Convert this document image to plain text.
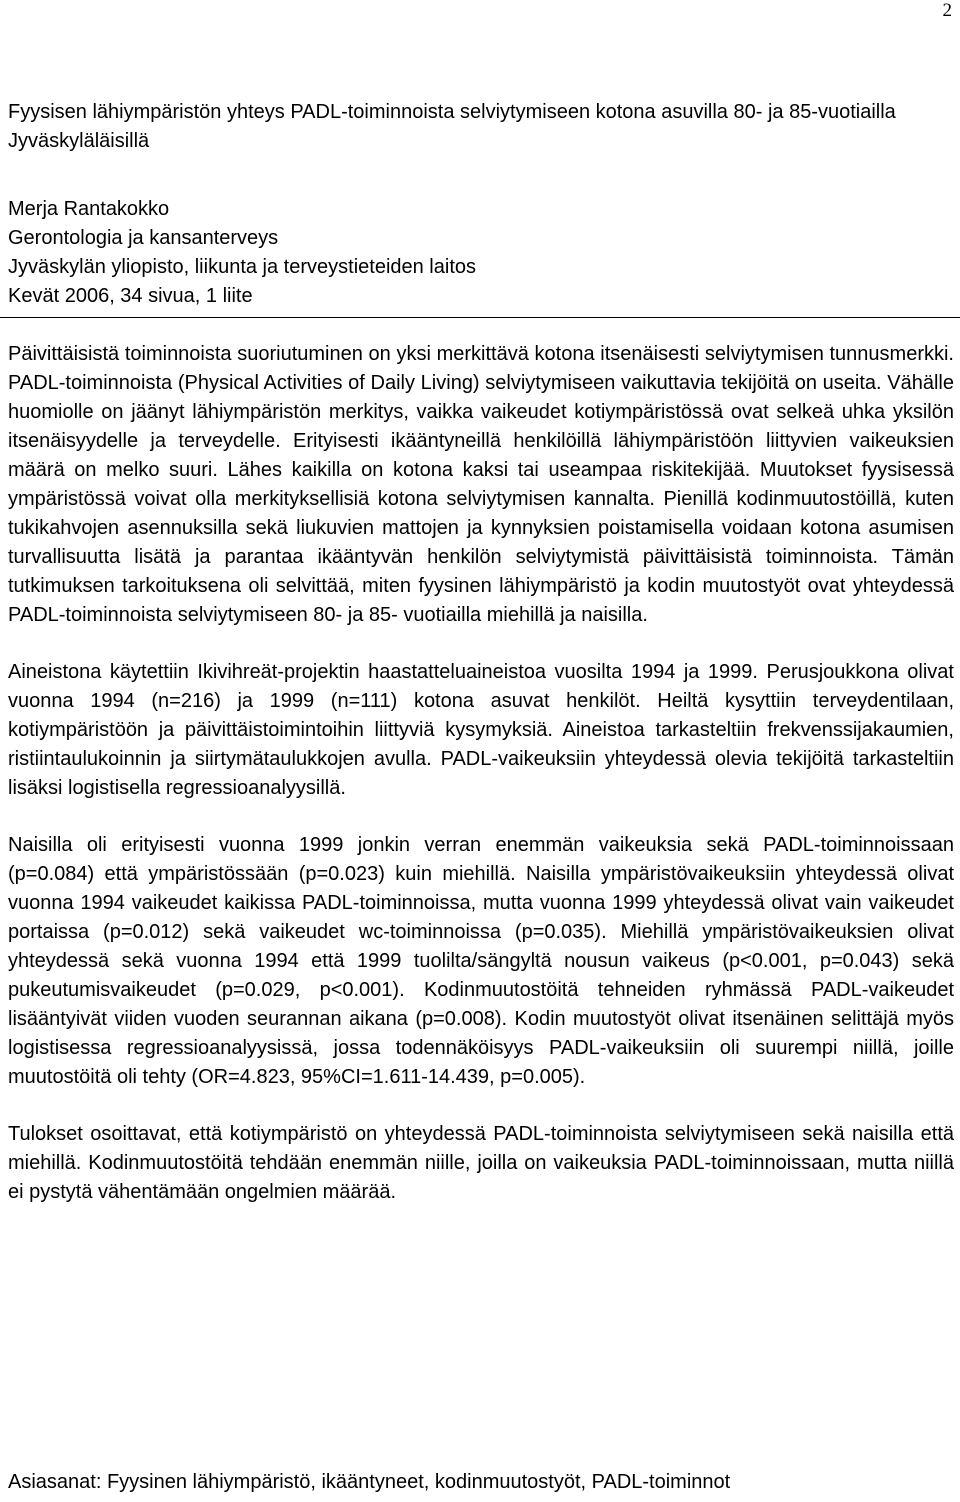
2
Fyysisen lähiympäristön yhteys PADL-toiminnoista selviytymiseen kotona asuvilla 80- ja 85-vuotiailla Jyväskyläläisillä
Merja Rantakokko
Gerontologia ja kansanterveys
Jyväskylän yliopisto, liikunta ja terveystieteiden laitos
Kevät 2006, 34 sivua, 1 liite

Päivittäisistä toiminnoista suoriutuminen on yksi merkittävä kotona itsenäisesti selviytymisen tunnusmerkki. PADL-toiminnoista (Physical Activities of Daily Living) selviytymiseen vaikuttavia tekijöitä on useita. Vähälle huomiolle on jäänyt lähiympäristön merkitys, vaikka vaikeudet kotiympäristössä ovat selkeä uhka yksilön itsenäisyydelle ja terveydelle. Erityisesti ikääntyneillä henkilöillä lähiympäristöön liittyvien vaikeuksien määrä on melko suuri. Lähes kaikilla on kotona kaksi tai useampaa riskitekijää. Muutokset fyysisessä ympäristössä voivat olla merkityksellisiä kotona selviytymisen kannalta. Pienillä kodinmuutostöillä, kuten tukikahvojen asennuksilla sekä liukuvien mattojen ja kynnyksien poistamisella voidaan kotona asumisen turvallisuutta lisätä ja parantaa ikääntyvän henkilön selviytymistä päivittäisistä toiminnoista. Tämän tutkimuksen tarkoituksena oli selvittää, miten fyysinen lähiympäristö ja kodin muutostyöt ovat yhteydessä PADL-toiminnoista selviytymiseen 80- ja 85- vuotiailla miehillä ja naisilla.

Aineistona käytettiin Ikivihreät-projektin haastatteluaineistoa vuosilta 1994 ja 1999. Perusjoukkona olivat vuonna 1994 (n=216) ja 1999 (n=111) kotona asuvat henkilöt. Heiltä kysyttiin terveydentilaan, kotiympäristöön ja päivittäistoimintoihin liittyviä kysymyksiä. Aineistoa tarkasteltiin frekvenssijakaumien, ristiintaulukoinnin ja siirtymätaulukkojen avulla. PADL-vaikeuksiin yhteydessä olevia tekijöitä tarkasteltiin lisäksi logistisella regressioanalyysillä.

Naisilla oli erityisesti vuonna 1999 jonkin verran enemmän vaikeuksia sekä PADL-toiminnoissaan (p=0.084) että ympäristössään (p=0.023) kuin miehillä. Naisilla ympäristövaikeuksiin yhteydessä olivat vuonna 1994 vaikeudet kaikissa PADL-toiminnoissa, mutta vuonna 1999 yhteydessä olivat vain vaikeudet portaissa (p=0.012) sekä vaikeudet wc-toiminnoissa (p=0.035). Miehillä ympäristövaikeuksien olivat yhteydessä sekä vuonna 1994 että 1999 tuolilta/sängyltä nousun vaikeus (p<0.001, p=0.043) sekä pukeutumisvaikeudet (p=0.029, p<0.001). Kodinmuutostöitä tehneiden ryhmässä PADL-vaikeudet lisääntyivät viiden vuoden seurannan aikana (p=0.008). Kodin muutostyöt olivat itsenäinen selittäjä myös logistisessa regressioanalyysissä, jossa todennäköisyys PADL-vaikeuksiin oli suurempi niillä, joille muutostöitä oli tehty (OR=4.823, 95%CI=1.611-14.439, p=0.005).

Tulokset osoittavat, että kotiympäristö on yhteydessä PADL-toiminnoista selviytymiseen sekä naisilla että miehillä. Kodinmuutostöitä tehdään enemmän niille, joilla on vaikeuksia PADL-toiminnoissaan, mutta niillä ei pystytä vähentämään ongelmien määrää.

Asiasanat: Fyysinen lähiympäristö, ikääntyneet, kodinmuutostyöt, PADL-toiminnot
